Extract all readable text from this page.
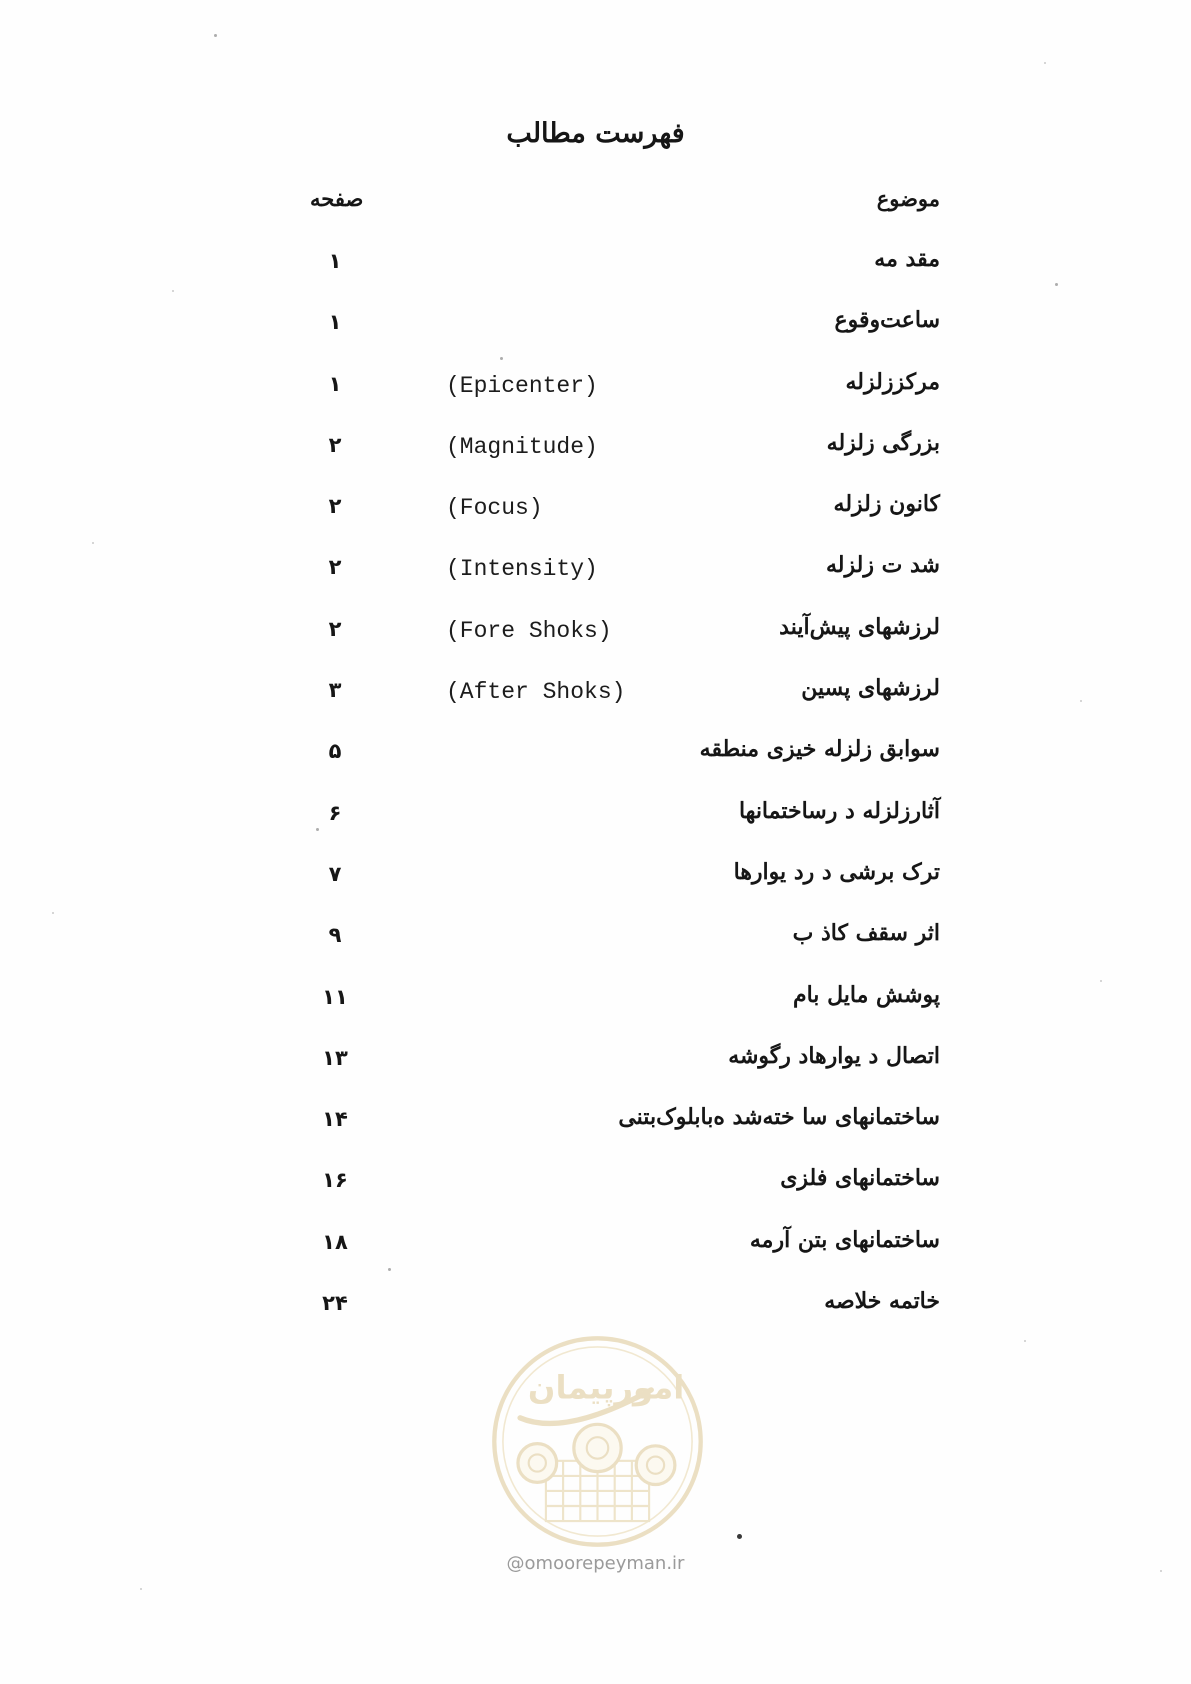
فهرست مطالب
موضوع
صفحه
مقد مه
۱
ساعت‌وقوع
۱
مرکززلزله
(Epicenter)
۱
بزرگی زلزله
(Magnitude)
۲
کانون زلزله
(Focus)
۲
شد ت زلزله
(Intensity)
۲
لرزشهای پیش‌آیند
(Fore Shoks)
۲
لرزشهای پسین
(After Shoks)
۳
سوابق زلزله خیزی منطقه
۵
آثارزلزله د رساختمانها
۶
ترک برشی د رد یوارها
۷
اثر سقف کاذ ب
۹
پوشش مایل بام
۱۱
اتصال د یوارهاد رگوشه
۱۳
ساختمانهای سا خته‌شد ه‌بابلوک‌بتنی
۱۴
ساختمانهای فلزی
۱۶
ساختمانهای بتن آرمه
۱۸
خاتمه خلاصه
۲۴
امورپیمان
@omoorepeyman.ir
